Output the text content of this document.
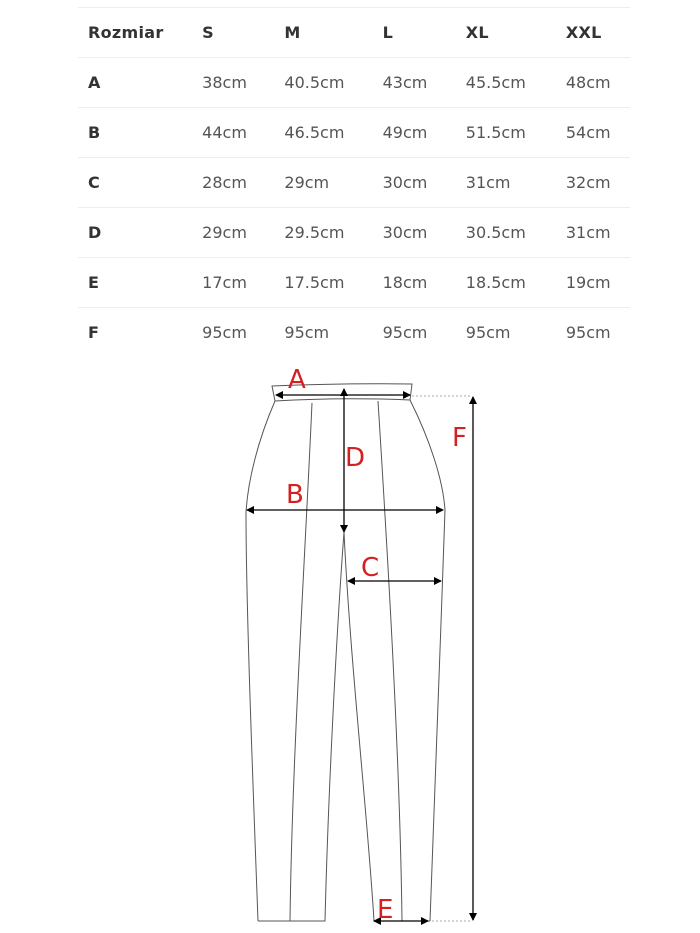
Rozmiar	S	M	L	XL	XXL
A	38cm	40.5cm	43cm	45.5cm	48cm
B	44cm	46.5cm	49cm	51.5cm	54cm
C	28cm	29cm	30cm	31cm	32cm
D	29cm	29.5cm	30cm	30.5cm	31cm
E	17cm	17.5cm	18cm	18.5cm	19cm
F	95cm	95cm	95cm	95cm	95cm
A
B
C
D
E
F
